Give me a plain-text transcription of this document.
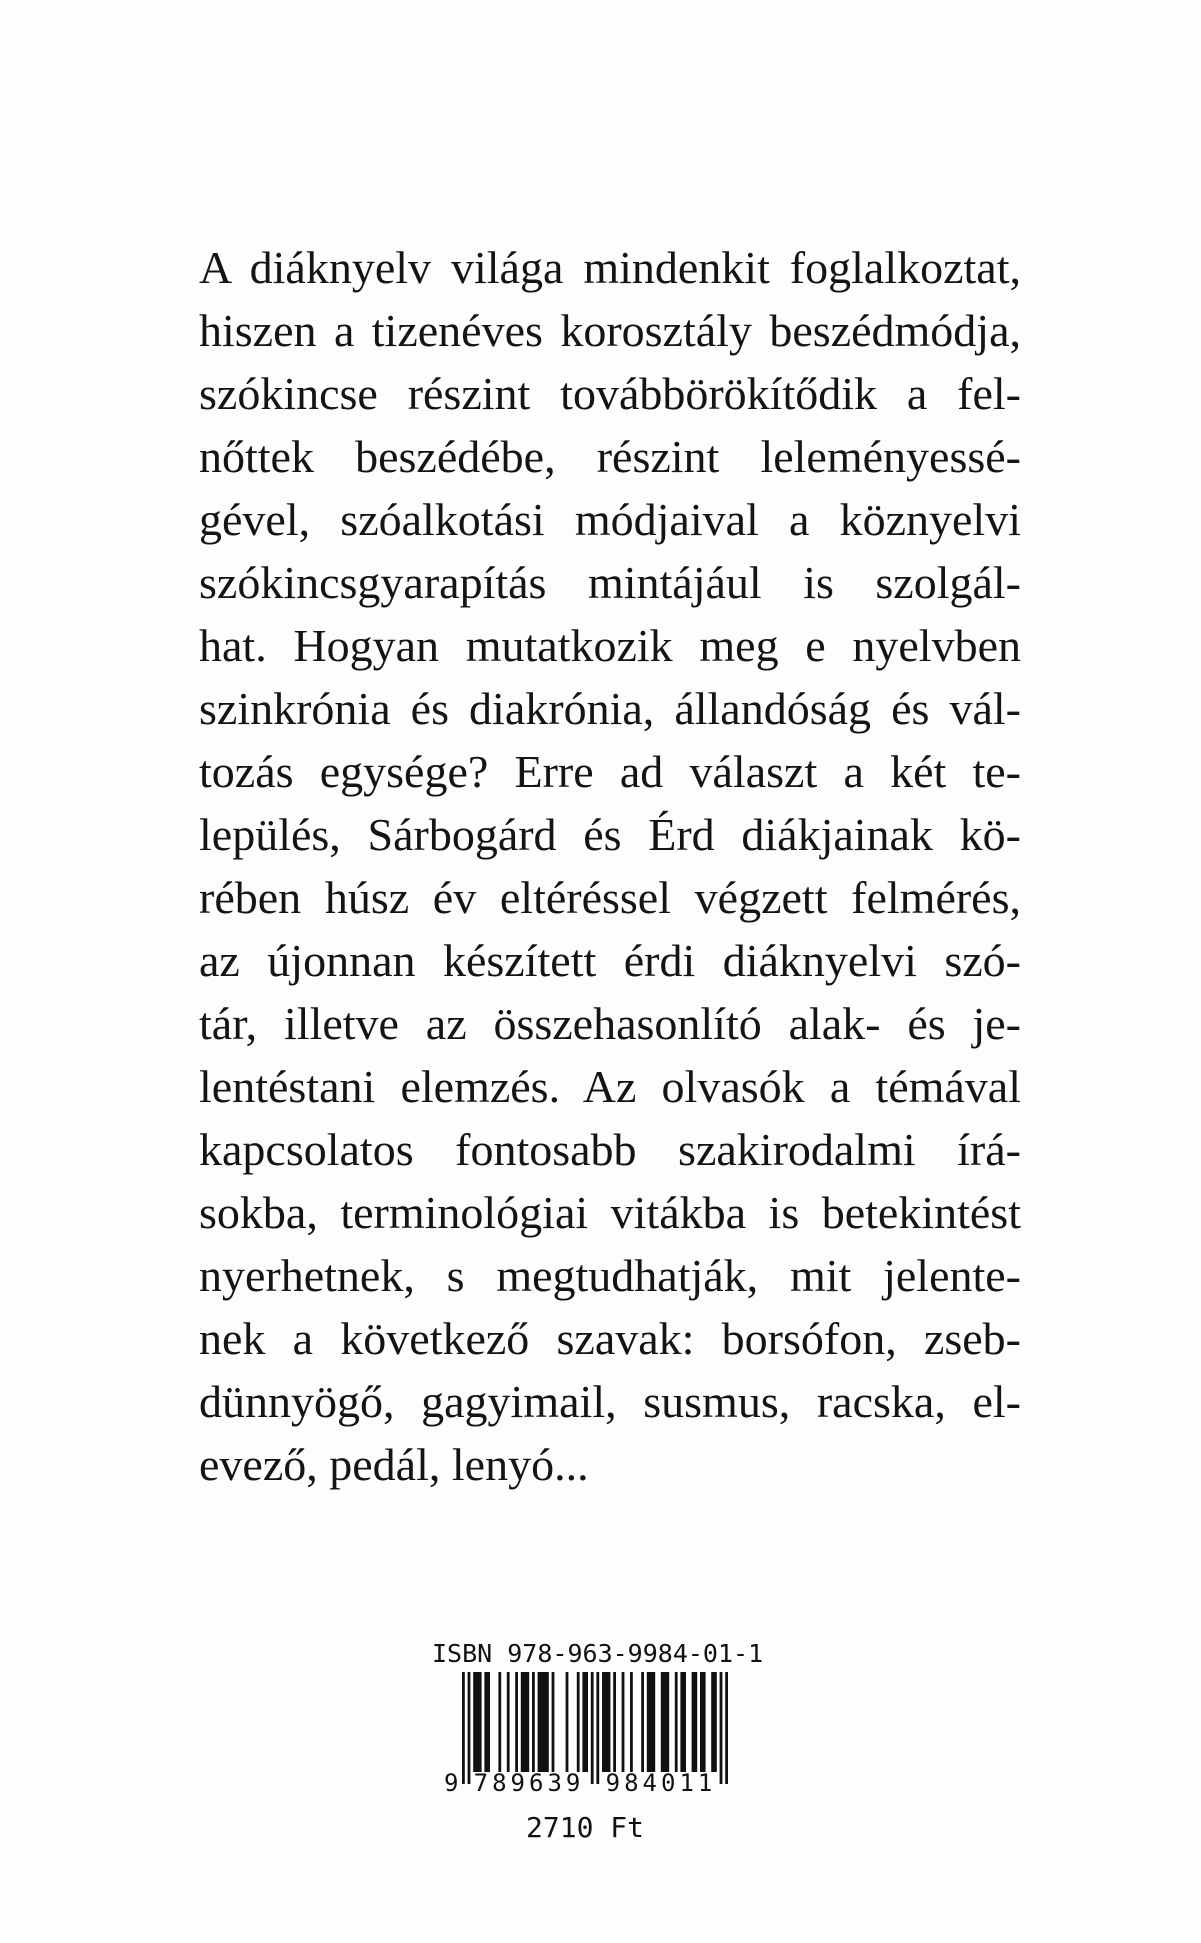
A diáknyelv világa mindenkit foglalkoztat,
hiszen a tizenéves korosztály beszédmódja,
szókincse részint továbbörökítődik a fel-
nőttek beszédébe, részint leleményessé-
gével, szóalkotási módjaival a köznyelvi
szókincsgyarapítás mintájául is szolgál-
hat. Hogyan mutatkozik meg e nyelvben
szinkrónia és diakrónia, állandóság és vál-
tozás egysége? Erre ad választ a két te-
lepülés, Sárbogárd és Érd diákjainak kö-
rében húsz év eltéréssel végzett felmérés,
az újonnan készített érdi diáknyelvi szó-
tár, illetve az összehasonlító alak- és je-
lentéstani elemzés. Az olvasók a témával
kapcsolatos fontosabb szakirodalmi írá-
sokba, terminológiai vitákba is betekintést
nyerhetnek, s megtudhatják, mit jelente-
nek a következő szavak: borsófon, zseb-
dünnyögő, gagyimail, susmus, racska, el-
evező, pedál, lenyó...
ISBN 978-963-9984-01-1
9 789639 984011
2710 Ft
